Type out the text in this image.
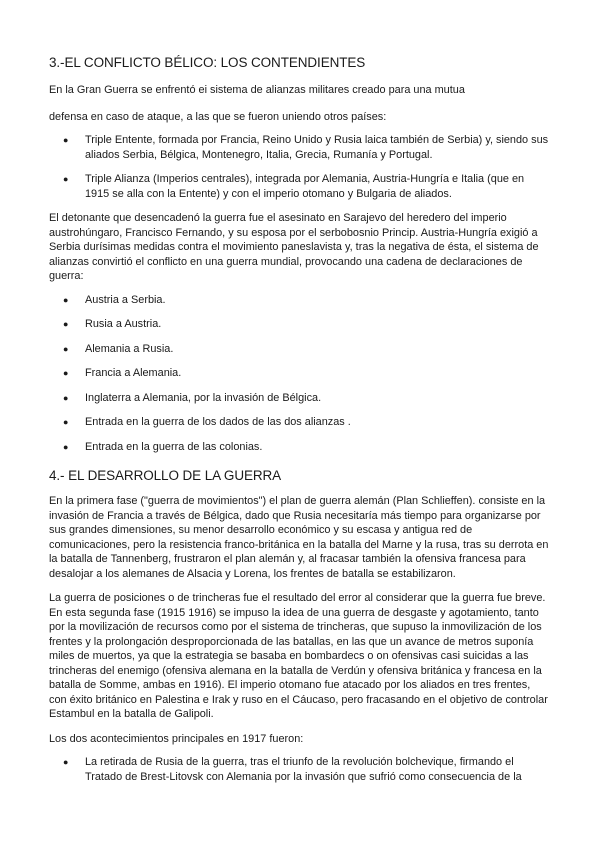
3.-EL CONFLICTO BÉLICO: LOS CONTENDIENTES

En la Gran Guerra se enfrentó ei sistema de alianzas militares creado para una mutua

defensa en caso de ataque, a las que se fueron uniendo otros países:

● Triple Entente, formada por Francia, Reino Unido y Rusia laica también de Serbia) y, siendo sus aliados Serbia, Bélgica, Montenegro, Italia, Grecia, Rumanía y Portugal.
● Triple Alianza (Imperios centrales), integrada por Alemania, Austria-Hungría e Italia (que en 1915 se alla con la Entente) y con el imperio otomano y Bulgaria de aliados.

El detonante que desencadenó la guerra fue el asesinato en Sarajevo del heredero del imperio austrohúngaro, Francisco Fernando, y su esposa por el serbobosnio Princip. Austria-Hungría exigió a Serbia durísimas medidas contra el movimiento paneslavista y, tras la negativa de ésta, el sistema de alianzas convirtió el conflicto en una guerra mundial, provocando una cadena de declaraciones de guerra:

● Austria a Serbia.
● Rusia a Austria.
● Alemania a Rusia.
● Francia a Alemania.
● Inglaterra a Alemania, por la invasión de Bélgica.
● Entrada en la guerra de los dados de las dos alianzas .
● Entrada en la guerra de las colonias.
4.- EL DESARROLLO DE LA GUERRA

En la primera fase ("guerra de movimientos") el plan de guerra alemán (Plan Schlieffen). consiste en la invasión de Francia a través de Bélgica, dado que Rusia necesitaría más tiempo para organizarse por sus grandes dimensiones, su menor desarrollo económico y su escasa y antigua red de comunicaciones, pero la resistencia franco-británica en la batalla del Marne y la rusa, tras su derrota en la batalla de Tannenberg, frustraron el plan alemán y, al fracasar también la ofensiva francesa para desalojar a los alemanes de Alsacia y Lorena, los frentes de batalla se estabilizaron.

La guerra de posiciones o de trincheras fue el resultado del error al considerar que la guerra fue breve. En esta segunda fase (1915 1916) se impuso la idea de una guerra de desgaste y agotamiento, tanto por la movilización de recursos como por el sistema de trincheras, que supuso la inmovilización de los frentes y la prolongación desproporcionada de las batallas, en las que un avance de metros suponía miles de muertos, ya que la estrategia se basaba en bombardecs o on ofensivas casi suicidas a las trincheras del enemigo (ofensiva alemana en la batalla de Verdún y ofensiva británica y francesa en la batalla de Somme, ambas en 1916). El imperio otomano fue atacado por los aliados en tres frentes, con éxito británico en Palestina e Irak y ruso en el Cáucaso, pero fracasando en el objetivo de controlar Estambul en la batalla de Galipoli.

Los dos acontecimientos principales en 1917 fueron:

● La retirada de Rusia de la guerra, tras el triunfo de la revolución bolchevique, firmando el Tratado de Brest-Litovsk con Alemania por la invasión que sufrió como consecuencia de la
